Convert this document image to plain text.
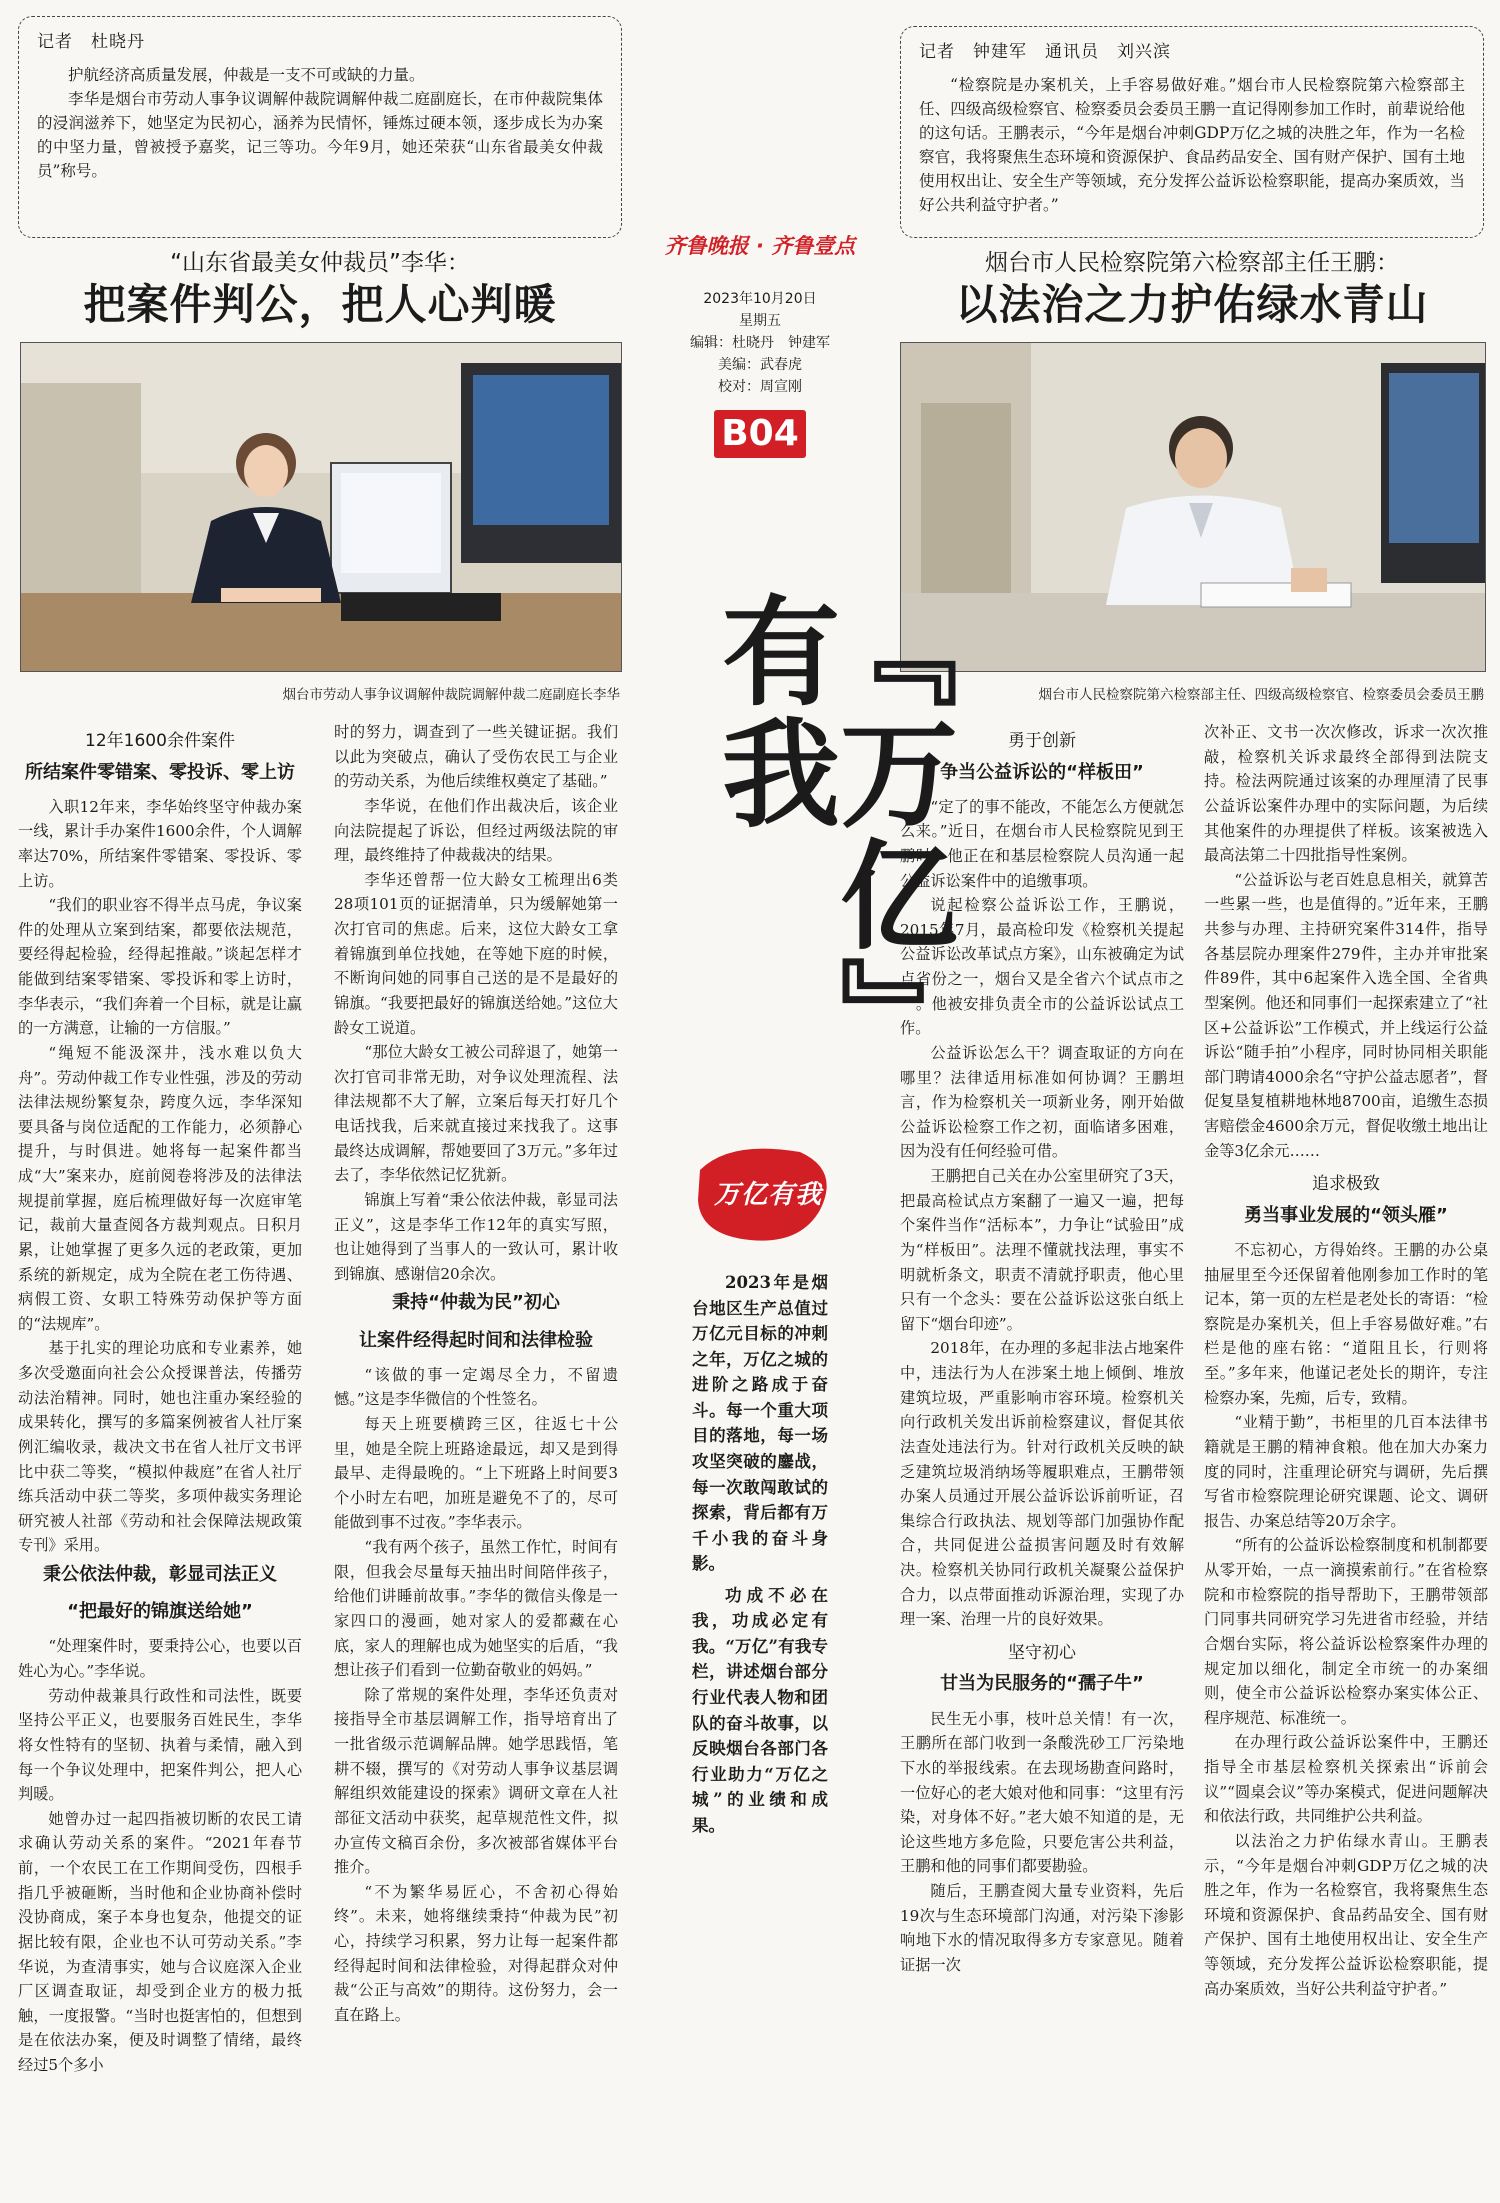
记者　杜晓丹

护航经济高质量发展，仲裁是一支不可或缺的力量。

李华是烟台市劳动人事争议调解仲裁院调解仲裁二庭副庭长，在市仲裁院集体的浸润滋养下，她坚定为民初心，涵养为民情怀，锤炼过硬本领，逐步成长为办案的中坚力量，曾被授予嘉奖，记三等功。今年9月，她还荣获“山东省最美女仲裁员”称号。

记者　钟建军　通讯员　刘兴滨

“检察院是办案机关，上手容易做好难。”烟台市人民检察院第六检察部主任、四级高级检察官、检察委员会委员王鹏一直记得刚参加工作时，前辈说给他的这句话。王鹏表示，“今年是烟台冲刺GDP万亿之城的决胜之年，作为一名检察官，我将聚焦生态环境和资源保护、食品药品安全、国有财产保护、国有土地使用权出让、安全生产等领域，充分发挥公益诉讼检察职能，提高办案质效，当好公共利益守护者。”

齐鲁晚报 · 齐鲁壹点
2023年10月20日
星期五
编辑：杜晓丹　钟建军
美编：武春虎
校对：周宣刚
B04
“山东省最美女仲裁员”李华：
把案件判公，把人心判暖
烟台市人民检察院第六检察部主任王鹏：
以法治之力护佑绿水青山
烟台市劳动人事争议调解仲裁院调解仲裁二庭副庭长李华	烟台市人民检察院第六检察部主任、四级高级检察官、检察委员会委员王鹏
『万亿』有我
万亿有我

2023年是烟台地区生产总值过万亿元目标的冲刺之年，万亿之城的进阶之路成于奋斗。每一个重大项目的落地，每一场攻坚突破的鏖战，每一次敢闯敢试的探索，背后都有万千小我的奋斗身影。

功成不必在我，功成必定有我。“万亿”有我专栏，讲述烟台部分行业代表人物和团队的奋斗故事，以反映烟台各部门各行业助力“万亿之城”的业绩和成果。

12年1600余件案件
所结案件零错案、零投诉、零上访

入职12年来，李华始终坚守仲裁办案一线，累计手办案件1600余件，个人调解率达70%，所结案件零错案、零投诉、零上访。

“我们的职业容不得半点马虎，争议案件的处理从立案到结案，都要依法规范，要经得起检验，经得起推敲。”谈起怎样才能做到结案零错案、零投诉和零上访时，李华表示，“我们奔着一个目标，就是让赢的一方满意，让输的一方信服。”

“绳短不能汲深井，浅水难以负大舟”。劳动仲裁工作专业性强，涉及的劳动法律法规纷繁复杂，跨度久远，李华深知要具备与岗位适配的工作能力，必须静心提升，与时俱进。她将每一起案件都当成“大”案来办，庭前阅卷将涉及的法律法规提前掌握，庭后梳理做好每一次庭审笔记，裁前大量查阅各方裁判观点。日积月累，让她掌握了更多久远的老政策，更加系统的新规定，成为全院在老工伤待遇、病假工资、女职工特殊劳动保护等方面的“法规库”。

基于扎实的理论功底和专业素养，她多次受邀面向社会公众授课普法，传播劳动法治精神。同时，她也注重办案经验的成果转化，撰写的多篇案例被省人社厅案例汇编收录，裁决文书在省人社厅文书评比中获二等奖，“模拟仲裁庭”在省人社厅练兵活动中获二等奖，多项仲裁实务理论研究被人社部《劳动和社会保障法规政策专刊》采用。

秉公依法仲裁，彰显司法正义
“把最好的锦旗送给她”

“处理案件时，要秉持公心，也要以百姓心为心。”李华说。

劳动仲裁兼具行政性和司法性，既要坚持公平正义，也要服务百姓民生，李华将女性特有的坚韧、执着与柔情，融入到每一个争议处理中，把案件判公，把人心判暖。

她曾办过一起四指被切断的农民工请求确认劳动关系的案件。“2021年春节前，一个农民工在工作期间受伤，四根手指几乎被砸断，当时他和企业协商补偿时没协商成，案子本身也复杂，他提交的证据比较有限，企业也不认可劳动关系。”李华说，为查清事实，她与合议庭深入企业厂区调查取证，却受到企业方的极力抵触，一度报警。“当时也挺害怕的，但想到是在依法办案，便及时调整了情绪，最终经过5个多小

时的努力，调查到了一些关键证据。我们以此为突破点，确认了受伤农民工与企业的劳动关系，为他后续维权奠定了基础。”

李华说，在他们作出裁决后，该企业向法院提起了诉讼，但经过两级法院的审理，最终维持了仲裁裁决的结果。

李华还曾帮一位大龄女工梳理出6类28项101页的证据清单，只为缓解她第一次打官司的焦虑。后来，这位大龄女工拿着锦旗到单位找她，在等她下庭的时候，不断询问她的同事自己送的是不是最好的锦旗。“我要把最好的锦旗送给她。”这位大龄女工说道。

“那位大龄女工被公司辞退了，她第一次打官司非常无助，对争议处理流程、法律法规都不大了解，立案后每天打好几个电话找我，后来就直接过来找我了。这事最终达成调解，帮她要回了3万元。”多年过去了，李华依然记忆犹新。

锦旗上写着“秉公依法仲裁，彰显司法正义”，这是李华工作12年的真实写照，也让她得到了当事人的一致认可，累计收到锦旗、感谢信20余次。

秉持“仲裁为民”初心
让案件经得起时间和法律检验

“该做的事一定竭尽全力，不留遗憾。”这是李华微信的个性签名。

每天上班要横跨三区，往返七十公里，她是全院上班路途最远，却又是到得最早、走得最晚的。“上下班路上时间要3个小时左右吧，加班是避免不了的，尽可能做到事不过夜。”李华表示。

“我有两个孩子，虽然工作忙，时间有限，但我会尽量每天抽出时间陪伴孩子，给他们讲睡前故事。”李华的微信头像是一家四口的漫画，她对家人的爱都藏在心底，家人的理解也成为她坚实的后盾，“我想让孩子们看到一位勤奋敬业的妈妈。”

除了常规的案件处理，李华还负责对接指导全市基层调解工作，指导培育出了一批省级示范调解品牌。她学思践悟，笔耕不辍，撰写的《对劳动人事争议基层调解组织效能建设的探索》调研文章在人社部征文活动中获奖，起草规范性文件，拟办宣传文稿百余份，多次被部省媒体平台推介。

“不为繁华易匠心，不舍初心得始终”。未来，她将继续秉持“仲裁为民”初心，持续学习积累，努力让每一起案件都经得起时间和法律检验，对得起群众对仲裁“公正与高效”的期待。这份努力，会一直在路上。

勇于创新
争当公益诉讼的“样板田”

“定了的事不能改，不能怎么方便就怎么来。”近日，在烟台市人民检察院见到王鹏时，他正在和基层检察院人员沟通一起公益诉讼案件中的追缴事项。

说起检察公益诉讼工作，王鹏说，2015年7月，最高检印发《检察机关提起公益诉讼改革试点方案》，山东被确定为试点省份之一，烟台又是全省六个试点市之一。他被安排负责全市的公益诉讼试点工作。

公益诉讼怎么干？调查取证的方向在哪里？法律适用标准如何协调？王鹏坦言，作为检察机关一项新业务，刚开始做公益诉讼检察工作之初，面临诸多困难，因为没有任何经验可借。

王鹏把自己关在办公室里研究了3天，把最高检试点方案翻了一遍又一遍，把每个案件当作“活标本”，力争让“试验田”成为“样板田”。法理不懂就找法理，事实不明就析条文，职责不清就抒职责，他心里只有一个念头：要在公益诉讼这张白纸上留下“烟台印迹”。

2018年，在办理的多起非法占地案件中，违法行为人在涉案土地上倾倒、堆放建筑垃圾，严重影响市容环境。检察机关向行政机关发出诉前检察建议，督促其依法查处违法行为。针对行政机关反映的缺乏建筑垃圾消纳场等履职难点，王鹏带领办案人员通过开展公益诉讼诉前听证，召集综合行政执法、规划等部门加强协作配合，共同促进公益损害问题及时有效解决。检察机关协同行政机关凝聚公益保护合力，以点带面推动诉源治理，实现了办理一案、治理一片的良好效果。

坚守初心
甘当为民服务的“孺子牛”

民生无小事，枝叶总关情！有一次，王鹏所在部门收到一条酸洗砂工厂污染地下水的举报线索。在去现场勘查问路时，一位好心的老大娘对他和同事：“这里有污染，对身体不好。”老大娘不知道的是，无论这些地方多危险，只要危害公共利益，王鹏和他的同事们都要勘验。

随后，王鹏查阅大量专业资料，先后19次与生态环境部门沟通，对污染下渗影响地下水的情况取得多方专家意见。随着证据一次

次补正、文书一次次修改，诉求一次次推敲，检察机关诉求最终全部得到法院支持。检法两院通过该案的办理厘清了民事公益诉讼案件办理中的实际问题，为后续其他案件的办理提供了样板。该案被选入最高法第二十四批指导性案例。

“公益诉讼与老百姓息息相关，就算苦一些累一些，也是值得的。”近年来，王鹏共参与办理、主持研究案件314件，指导各基层院办理案件279件，主办并审批案件89件，其中6起案件入选全国、全省典型案例。他还和同事们一起探索建立了“社区+公益诉讼”工作模式，并上线运行公益诉讼“随手拍”小程序，同时协同相关职能部门聘请4000余名“守护公益志愿者”，督促复垦复植耕地林地8700亩，追缴生态损害赔偿金4600余万元，督促收缴土地出让金等3亿余元……

追求极致
勇当事业发展的“领头雁”

不忘初心，方得始终。王鹏的办公桌抽屉里至今还保留着他刚参加工作时的笔记本，第一页的左栏是老处长的寄语：“检察院是办案机关，但上手容易做好难。”右栏是他的座右铭：“道阻且长，行则将至。”多年来，他谨记老处长的期许，专注检察办案，先痴，后专，致精。

“业精于勤”，书柜里的几百本法律书籍就是王鹏的精神食粮。他在加大办案力度的同时，注重理论研究与调研，先后撰写省市检察院理论研究课题、论文、调研报告、办案总结等20万余字。

“所有的公益诉讼检察制度和机制都要从零开始，一点一滴摸索前行。”在省检察院和市检察院的指导帮助下，王鹏带领部门同事共同研究学习先进省市经验，并结合烟台实际，将公益诉讼检察案件办理的规定加以细化，制定全市统一的办案细则，使全市公益诉讼检察办案实体公正、程序规范、标准统一。

在办理行政公益诉讼案件中，王鹏还指导全市基层检察机关探索出“诉前会议”“圆桌会议”等办案模式，促进问题解决和依法行政，共同维护公共利益。

以法治之力护佑绿水青山。王鹏表示，“今年是烟台冲刺GDP万亿之城的决胜之年，作为一名检察官，我将聚焦生态环境和资源保护、食品药品安全、国有财产保护、国有土地使用权出让、安全生产等领域，充分发挥公益诉讼检察职能，提高办案质效，当好公共利益守护者。”
